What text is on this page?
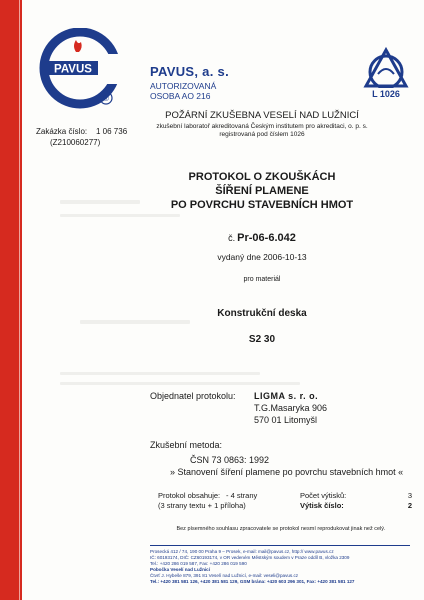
PAVUS
®
PAVUS, a. s.
AUTORIZOVANÁ
OSOBA AO 216	L 1026
Zakázka číslo: 1 06 736
(Z210060277)
POŽÁRNÍ ZKUŠEBNA VESELÍ NAD LUŽNICÍ
zkušební laboratoř akreditovaná Českým institutem pro akreditaci, o. p. s.
registrovaná pod číslem 1026
PROTOKOL O ZKOUŠKÁCH
ŠÍŘENÍ PLAMENE
PO POVRCHU STAVEBNÍCH HMOT
č. Pr-06-6.042
vydaný dne 2006-10-13
pro materiál
Konstrukční deska
S2 30
Objednatel protokolu: LIGMA s. r. o.
T.G.Masaryka 906
570 01 Litomyšl
Zkušební metoda:
ČSN 73 0863: 1992
» Stanovení šíření plamene po povrchu stavebních hmot «
Protokol obsahuje: - 4 strany
(3 strany textu + 1 příloha)
Počet výtisků:	3
Výtisk číslo:	2
Bez písemného souhlasu zpracovatele se protokol nesmí reprodukovat jinak než celý.
Prosecká 412 / 74, 190 00 Praha 9 – Prosek, e-mail: mail@pavus.cz, http:// www.pavus.cz
IČ: 60193174, DIČ: CZ60193174, v OR vedeném Městským soudem v Praze oddíl B, vložka 2309
Tel.: +420 286 019 587, Fax: +420 286 019 590
Pobočka Veselí nad Lužnicí
Čtvrť J. Hybeše 879, 391 81 Veselí nad Lužnicí, e-mail: veseli@pavus.cz
Tel.: +420 381 581 126, +420 381 581 129, GSM brána: +420 603 296 301, Fax: +420 381 581 127
